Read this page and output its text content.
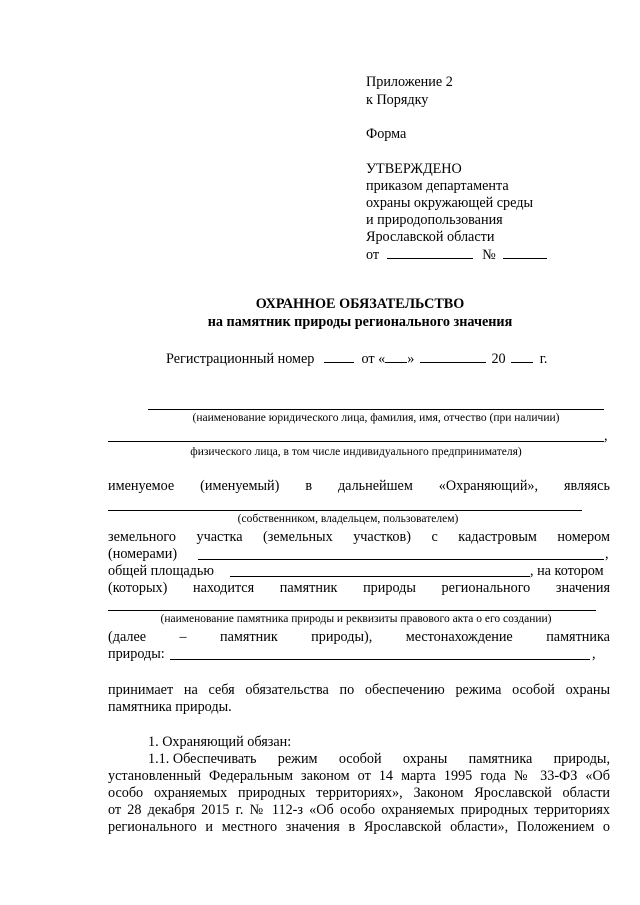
Приложение 2
к Порядку
Форма
УТВЕРЖДЕНО
приказом департамента
охраны окружающей среды
и природопользования
Ярославской области
от	№
ОХРАННОЕ ОБЯЗАТЕЛЬСТВО
на памятник природы регионального значения
Регистрационный номер	от « »	20 г.
(наименование юридического лица, фамилия, имя, отчество (при наличии)
,
физического лица, в том числе индивидуального предпринимателя)
именуемое (именуемый) в дальнейшем «Охраняющий», являясь
(собственником, владельцем, пользователем)
земельного участка (земельных участков) с кадастровым номером
(номерами)	,
общей площадью	, на котором
(которых) находится памятник природы регионального значения
(наименование памятника природы и реквизиты правового акта о его создании)
(далее – памятник природы), местонахождение памятника
природы:	,
принимает на себя обязательства по обеспечению режима особой охраны
памятника природы.
1. Охраняющий обязан:
1.1. Обеспечивать режим особой охраны памятника природы,
установленный Федеральным законом от 14 марта 1995 года № 33-ФЗ «Об
особо охраняемых природных территориях», Законом Ярославской области
от 28 декабря 2015 г. № 112-з «Об особо охраняемых природных территориях
регионального и местного значения в Ярославской области», Положением о
